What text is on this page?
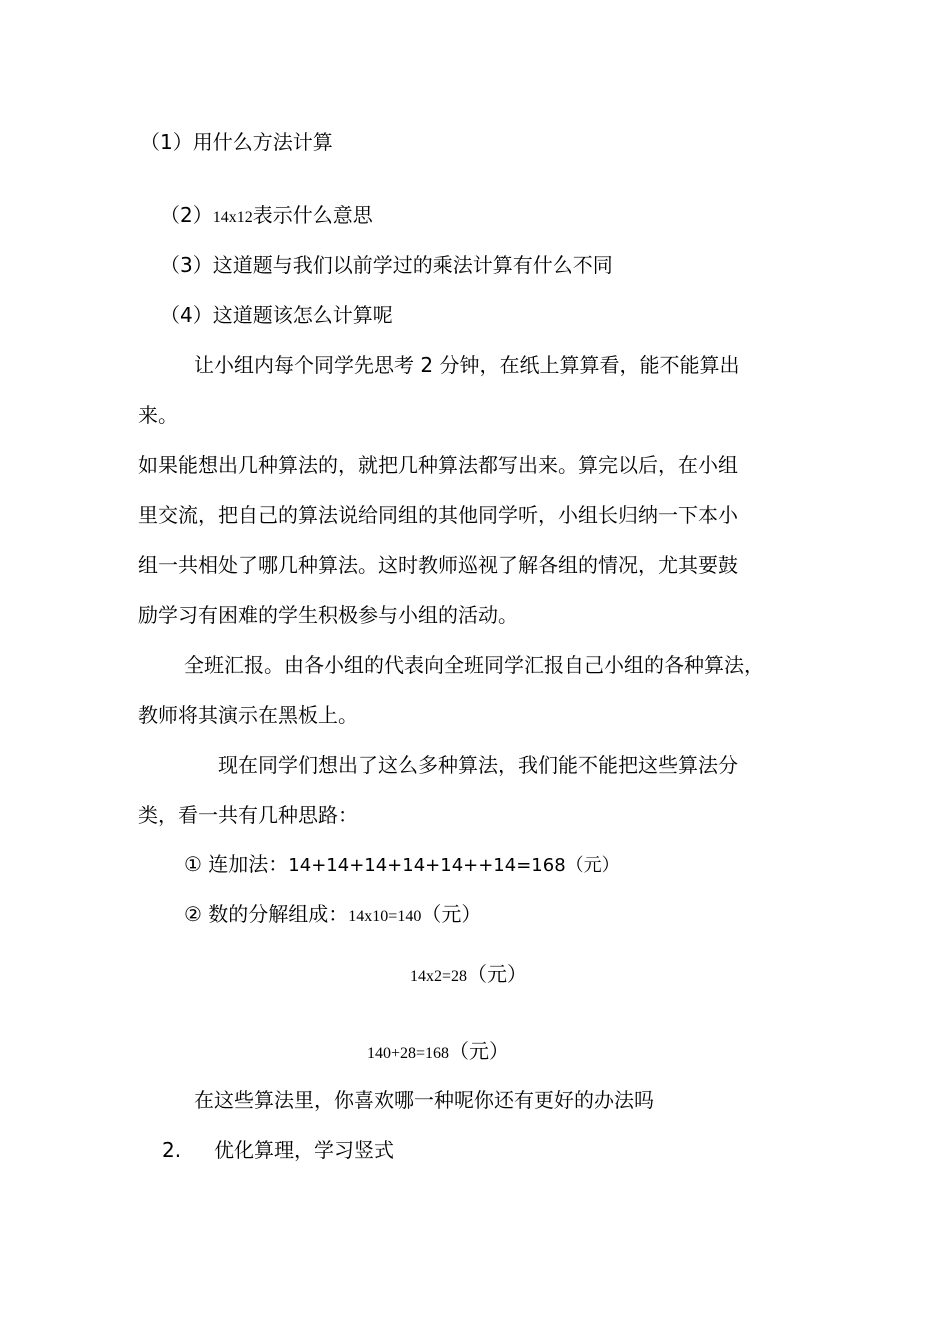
（1）用什么方法计算
（2）14x12表示什么意思
（3）这道题与我们以前学过的乘法计算有什么不同
（4）这道题该怎么计算呢
让小组内每个同学先思考 2 分钟，在纸上算算看，能不能算出
来。
如果能想出几种算法的，就把几种算法都写出来。算完以后，在小组
里交流，把自己的算法说给同组的其他同学听，小组长归纳一下本小
组一共相处了哪几种算法。这时教师巡视了解各组的情况，尤其要鼓
励学习有困难的学生积极参与小组的活动。
全班汇报。由各小组的代表向全班同学汇报自己小组的各种算法，
教师将其演示在黑板上。
现在同学们想出了这么多种算法，我们能不能把这些算法分
类，看一共有几种思路：
① 连加法：14+14+14+14+14++14=168（元）
② 数的分解组成：14x10=140（元）
14x2=28（元）
140+28=168（元）
在这些算法里，你喜欢哪一种呢你还有更好的办法吗
2. 优化算理，学习竖式
